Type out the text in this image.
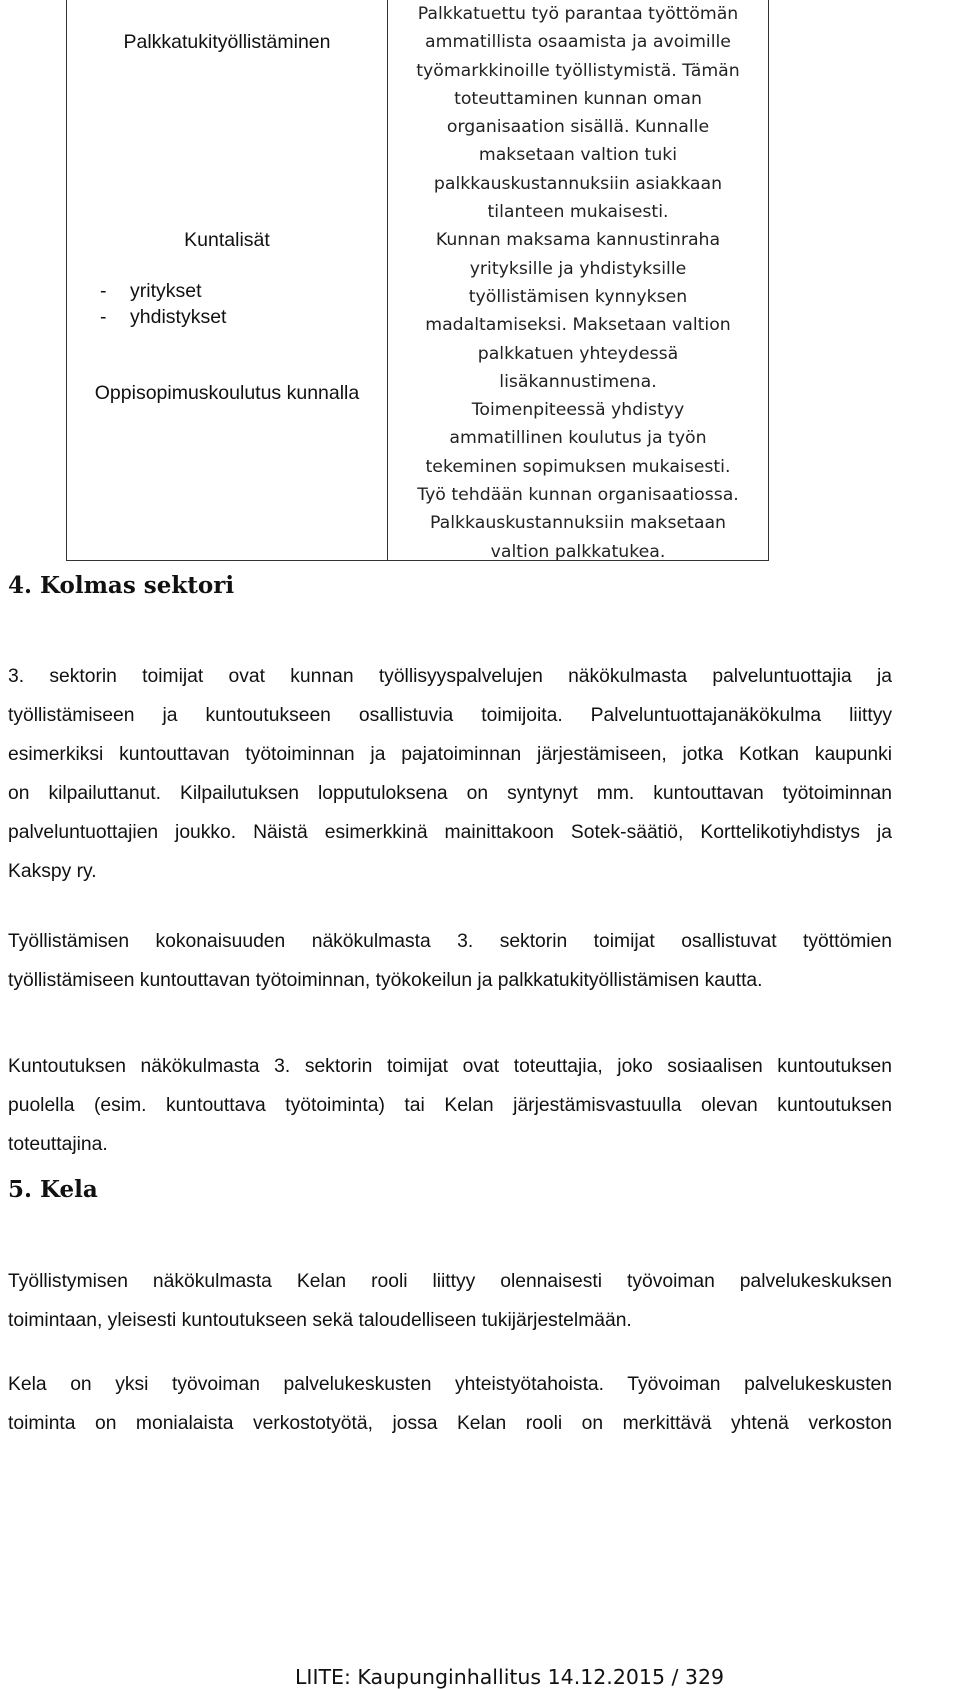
Palkkatukityöllistäminen
Kuntalisät
- yritykset
- yhdistykset
Oppisopimuskoulutus kunnalla
Palkkatuettu työ parantaa työttömän
ammatillista osaamista ja avoimille
työmarkkinoille työllistymistä. Tämän
toteuttaminen kunnan oman
organisaation sisällä. Kunnalle
maksetaan valtion tuki
palkkauskustannuksiin asiakkaan
tilanteen mukaisesti.
Kunnan maksama kannustinraha
yrityksille ja yhdistyksille
työllistämisen kynnyksen
madaltamiseksi. Maksetaan valtion
palkkatuen yhteydessä
lisäkannustimena.
Toimenpiteessä yhdistyy
ammatillinen koulutus ja työn
tekeminen sopimuksen mukaisesti.
Työ tehdään kunnan organisaatiossa.
Palkkauskustannuksiin maksetaan
valtion palkkatukea.
4. Kolmas sektori
3. sektorin toimijat ovat kunnan työllisyyspalvelujen näkökulmasta palveluntuottajia ja
työllistämiseen ja kuntoutukseen osallistuvia toimijoita. Palveluntuottajanäkökulma liittyy
esimerkiksi kuntouttavan työtoiminnan ja pajatoiminnan järjestämiseen, jotka Kotkan kaupunki
on kilpailuttanut. Kilpailutuksen lopputuloksena on syntynyt mm. kuntouttavan työtoiminnan
palveluntuottajien joukko. Näistä esimerkkinä mainittakoon Sotek-säätiö, Korttelikotiyhdistys ja
Kakspy ry.
Työllistämisen kokonaisuuden näkökulmasta 3. sektorin toimijat osallistuvat työttömien
työllistämiseen kuntouttavan työtoiminnan, työkokeilun ja palkkatukityöllistämisen kautta.
Kuntoutuksen näkökulmasta 3. sektorin toimijat ovat toteuttajia, joko sosiaalisen kuntoutuksen
puolella (esim. kuntouttava työtoiminta) tai Kelan järjestämisvastuulla olevan kuntoutuksen
toteuttajina.
5. Kela
Työllistymisen näkökulmasta Kelan rooli liittyy olennaisesti työvoiman palvelukeskuksen
toimintaan, yleisesti kuntoutukseen sekä taloudelliseen tukijärjestelmään.
Kela on yksi työvoiman palvelukeskusten yhteistyötahoista. Työvoiman palvelukeskusten
toiminta on monialaista verkostotyötä, jossa Kelan rooli on merkittävä yhtenä verkoston
LIITE: Kaupunginhallitus 14.12.2015 / 329
